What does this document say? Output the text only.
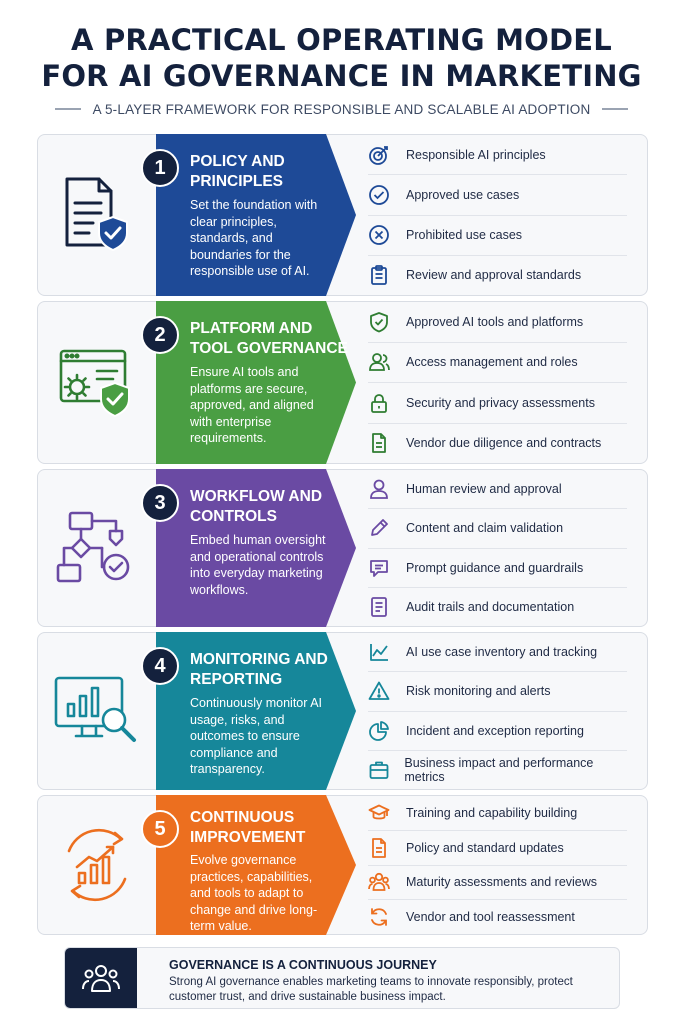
A PRACTICAL OPERATING MODEL
FOR AI GOVERNANCE IN MARKETING
A 5-LAYER FRAMEWORK FOR RESPONSIBLE AND SCALABLE AI ADOPTION
1	POLICY AND
PRINCIPLES
Set the foundation with clear principles, standards, and boundaries for the responsible use of AI.
Responsible AI principles
Approved use cases
Prohibited use cases
Review and approval standards
2	PLATFORM AND
TOOL GOVERNANCE
Ensure AI tools and platforms are secure, approved, and aligned with enterprise requirements.
Approved AI tools and platforms
Access management and roles
Security and privacy assessments
Vendor due diligence and contracts
3	WORKFLOW AND
CONTROLS
Embed human oversight and operational controls into everyday marketing workflows.
Human review and approval
Content and claim validation
Prompt guidance and guardrails
Audit trails and documentation
4	MONITORING AND
REPORTING
Continuously monitor AI usage, risks, and outcomes to ensure compliance and transparency.
AI use case inventory and tracking
Risk monitoring and alerts
Incident and exception reporting
Business impact and performance metrics
5	CONTINUOUS
IMPROVEMENT
Evolve governance practices, capabilities, and tools to adapt to change and drive long-term value.
Training and capability building
Policy and standard updates
Maturity assessments and reviews
Vendor and tool reassessment
GOVERNANCE IS A CONTINUOUS JOURNEY
Strong AI governance enables marketing teams to innovate responsibly, protect customer trust, and drive sustainable business impact.
